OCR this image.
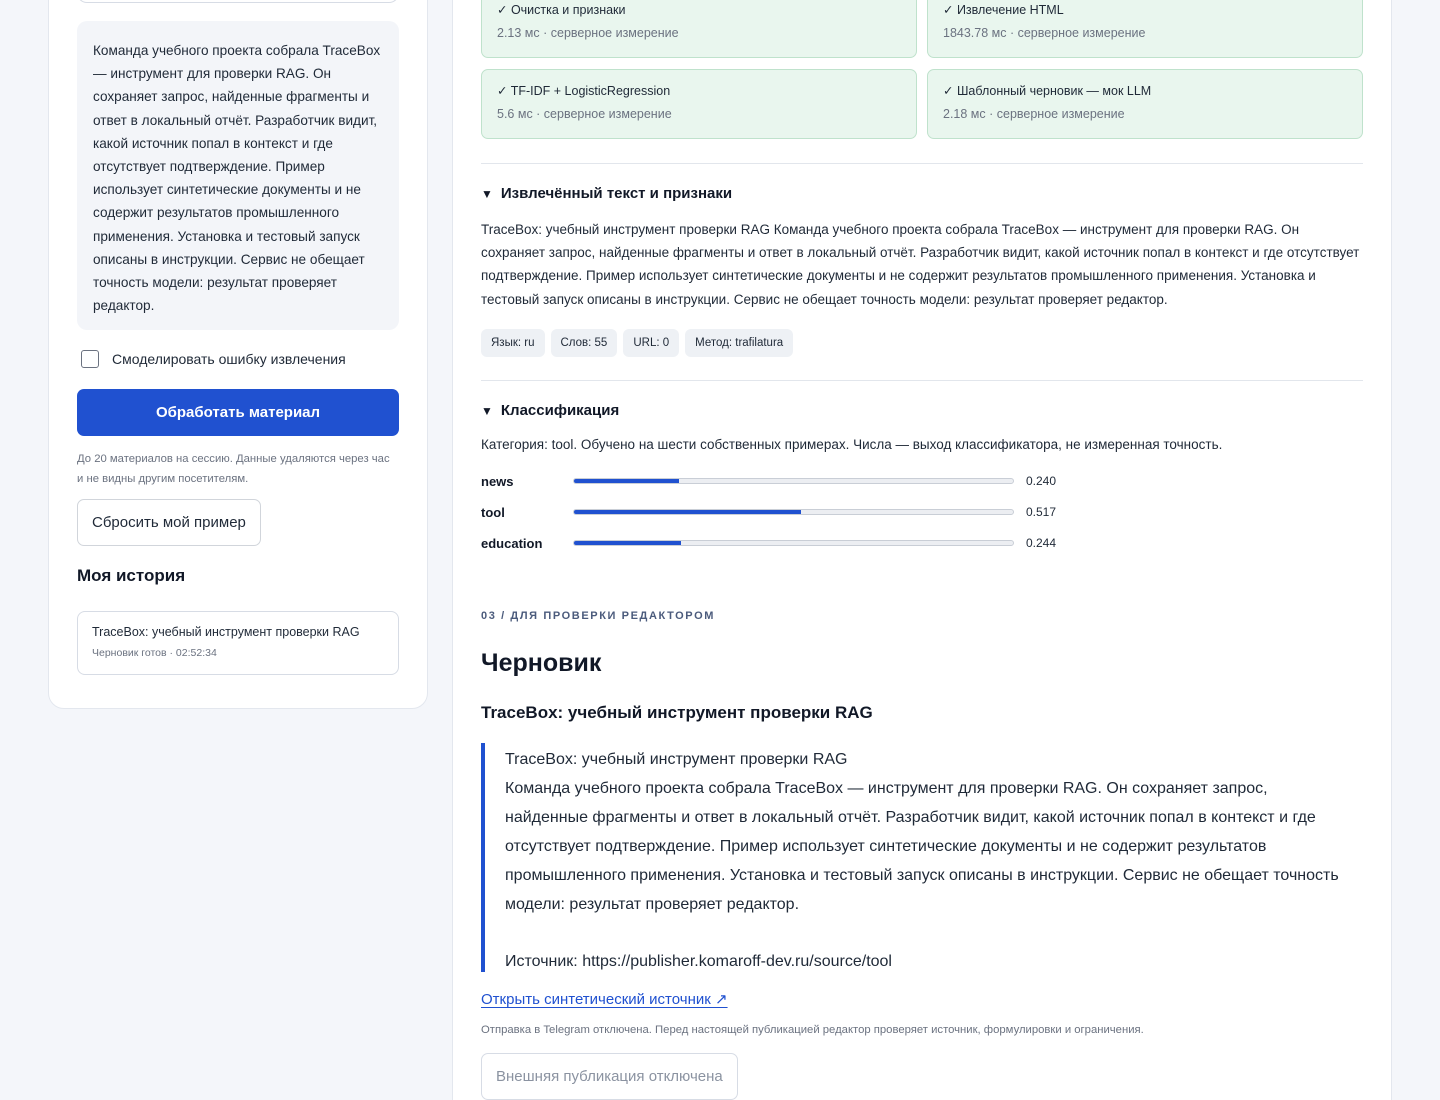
Команда учебного проекта собрала TraceBox — инструмент для проверки RAG. Он сохраняет запрос, найденные фрагменты и ответ в локальный отчёт. Разработчик видит, какой источник попал в контекст и где отсутствует подтверждение. Пример использует синтетические документы и не содержит результатов промышленного применения. Установка и тестовый запуск описаны в инструкции. Сервис не обещает точность модели: результат проверяет редактор.
Смоделировать ошибку извлечения
Обработать материал
До 20 материалов на сессию. Данные удаляются через час и не видны другим посетителям.
Сбросить мой пример
Моя история
TraceBox: учебный инструмент проверки RAG
Черновик готов · 02:52:34
✓ Очистка и признаки
2.13 мс · серверное измерение
✓ Извлечение HTML
1843.78 мс · серверное измерение
✓ TF-IDF + LogisticRegression
5.6 мс · серверное измерение
✓ Шаблонный черновик — мок LLM
2.18 мс · серверное измерение
▼ Извлечённый текст и признаки
TraceBox: учебный инструмент проверки RAG Команда учебного проекта собрала TraceBox — инструмент для проверки RAG. Он сохраняет запрос, найденные фрагменты и ответ в локальный отчёт. Разработчик видит, какой источник попал в контекст и где отсутствует подтверждение. Пример использует синтетические документы и не содержит результатов промышленного применения. Установка и тестовый запуск описаны в инструкции. Сервис не обещает точность модели: результат проверяет редактор.
Язык: ru	Слов: 55	URL: 0	Метод: trafilatura
▼ Классификация
Категория: tool. Обучено на шести собственных примерах. Числа — выход классификатора, не измеренная точность.
news	0.240
tool	0.517
education	0.244
03 / ДЛЯ ПРОВЕРКИ РЕДАКТОРОМ
Черновик
TraceBox: учебный инструмент проверки RAG
TraceBox: учебный инструмент проверки RAG
Команда учебного проекта собрала TraceBox — инструмент для проверки RAG. Он сохраняет запрос, найденные фрагменты и ответ в локальный отчёт. Разработчик видит, какой источник попал в контекст и где отсутствует подтверждение. Пример использует синтетические документы и не содержит результатов промышленного применения. Установка и тестовый запуск описаны в инструкции. Сервис не обещает точность модели: результат проверяет редактор.
Источник: https://publisher.komaroff-dev.ru/source/tool
Открыть синтетический источник ↗
Отправка в Telegram отключена. Перед настоящей публикацией редактор проверяет источник, формулировки и ограничения.
Внешняя публикация отключена
